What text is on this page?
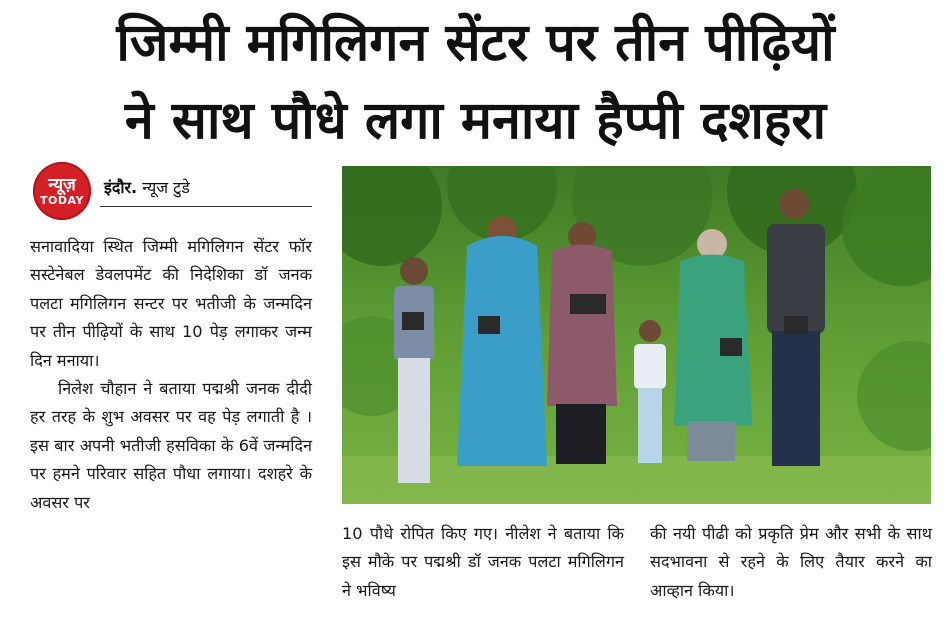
जिम्मी मगिलिगन सेंटर पर तीन पीढ़ियों
ने साथ पौधे लगा मनाया हैप्पी दशहरा
न्यूज़
TODAY
इंदौर. न्यूज टुडे

सनावादिया स्थित जिम्मी मगिलिगन सेंटर फॉर सस्टेनेबल डेवलपमेंट की निदेशिका डॉ जनक पलटा मगिलिगन सन्टर पर भतीजी के जन्मदिन पर तीन पीढ़ियों के साथ 10 पेड़ लगाकर जन्म दिन मनाया।

निलेश चौहान ने बताया पद्मश्री जनक दीदी हर तरह के शुभ अवसर पर वह पेड़ लगाती है । इस बार अपनी भतीजी हसविका के 6वें जन्मदिन पर हमने परिवार सहित पौधा लगाया। दशहरे के अवसर पर

10 पौधे रोपित किए गए। नीलेश ने बताया कि इस मौके पर पद्मश्री डॉ जनक पलटा मगिलिगन ने भविष्य
की नयी पीढी को प्रकृति प्रेम और सभी के साथ सदभावना से रहने के लिए तैयार करने का आव्हान किया।
